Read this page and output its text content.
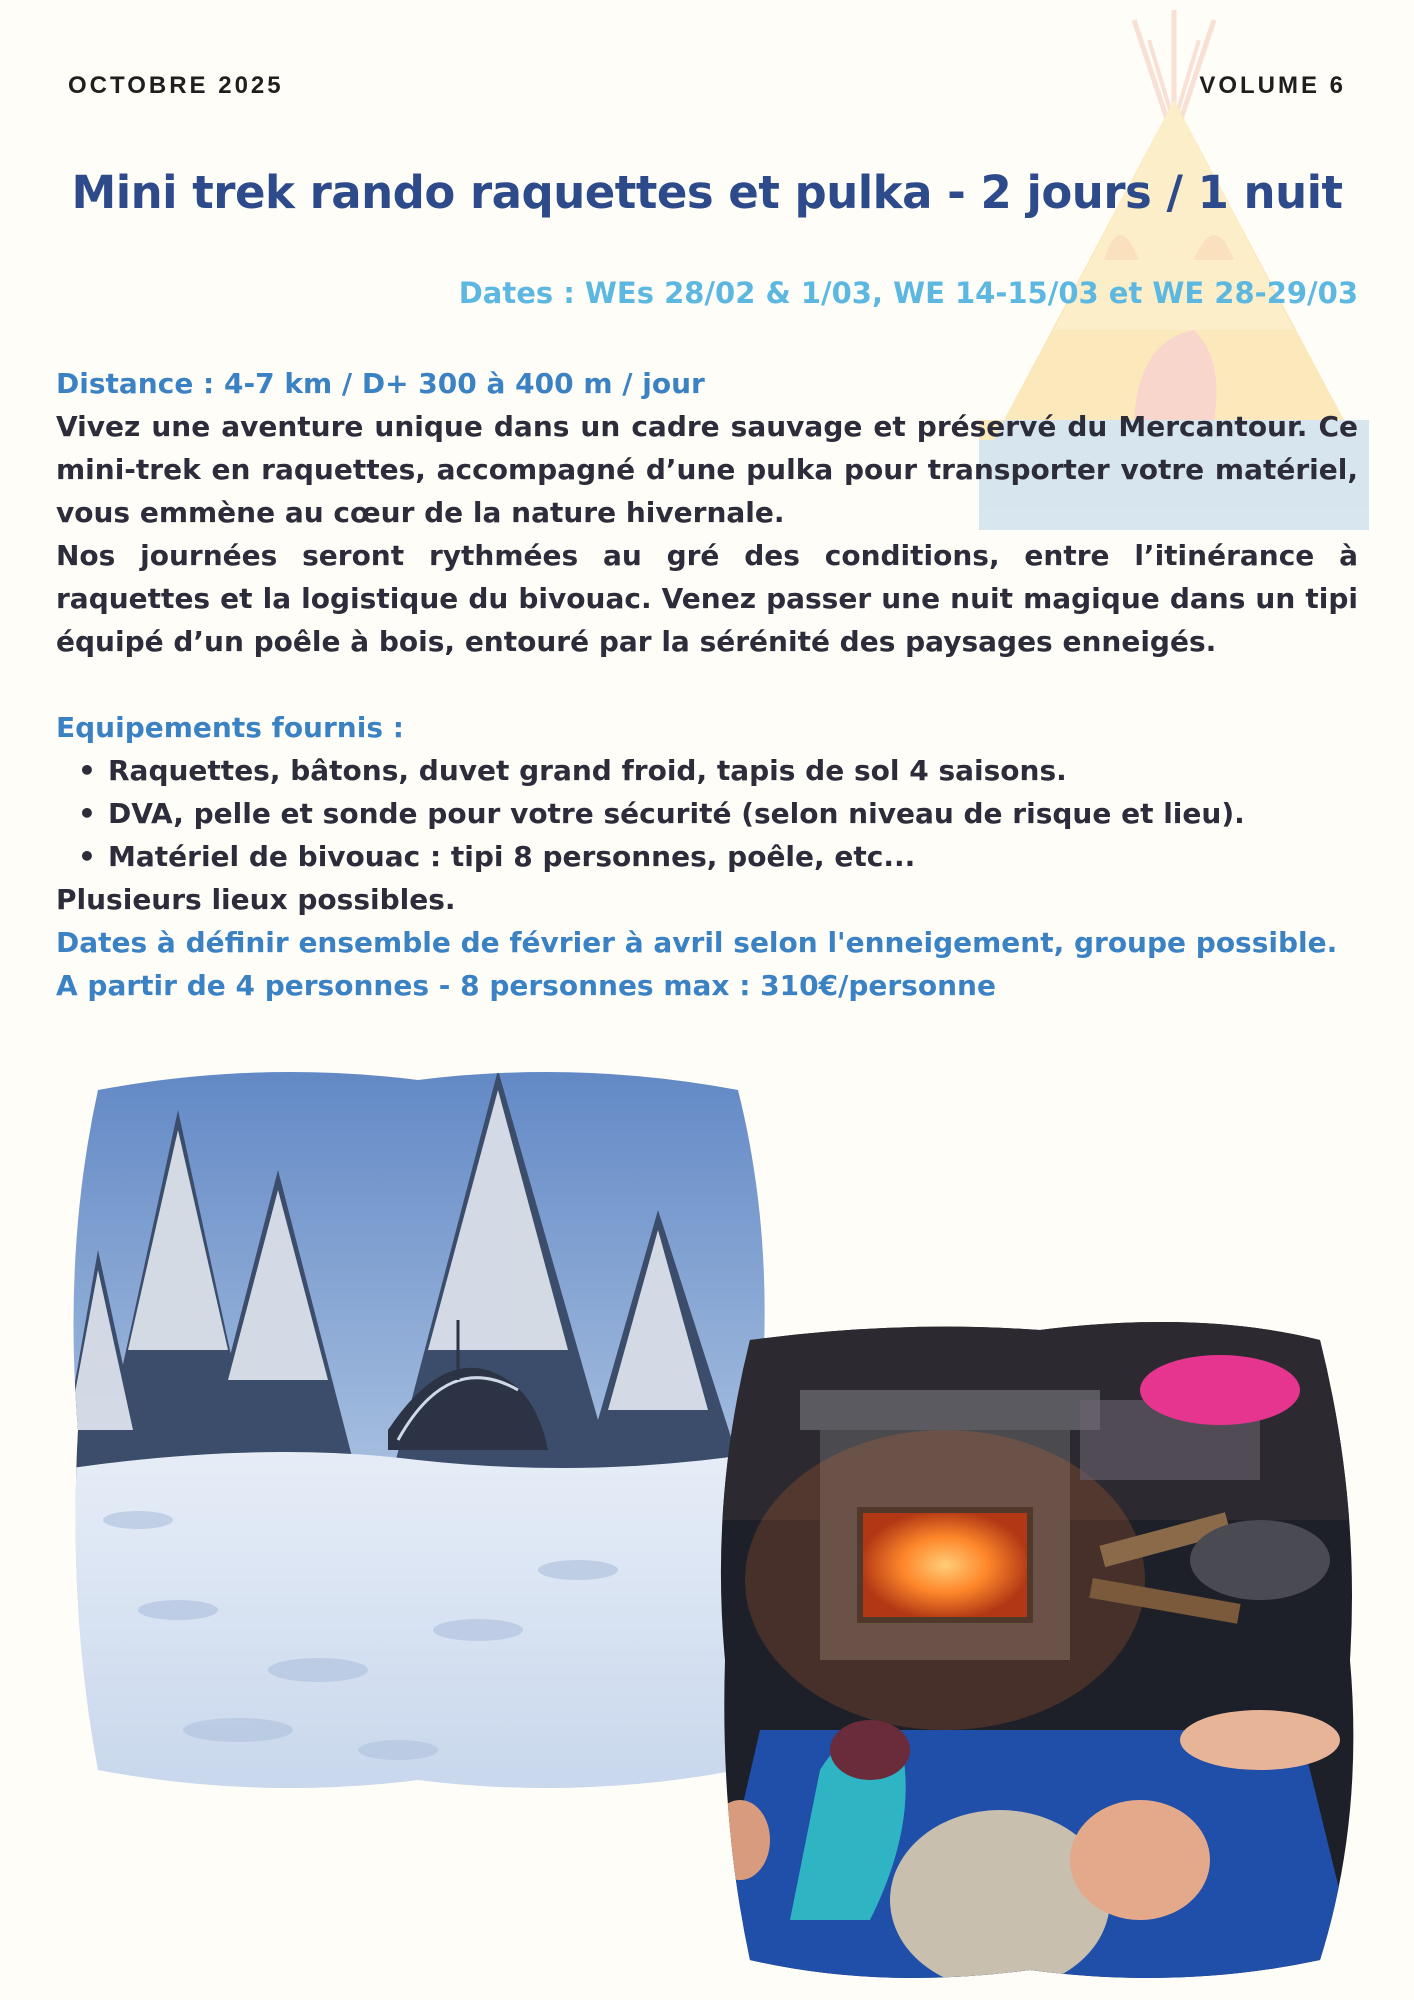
OCTOBRE 2025	VOLUME 6
Mini trek rando raquettes et pulka - 2 jours / 1 nuit
Dates : WEs 28/02 & 1/03, WE 14-15/03 et WE 28-29/03

Distance : 4-7 km / D+ 300 à 400 m / jour

Vivez une aventure unique dans un cadre sauvage et préservé du Mercantour. Ce mini-trek en raquettes, accompagné d’une pulka pour transporter votre matériel, vous emmène au cœur de la nature hivernale.

Nos journées seront rythmées au gré des conditions, entre l’itinérance à raquettes et la logistique du bivouac. Venez passer une nuit magique dans un tipi équipé d’un poêle à bois, entouré par la sérénité des paysages enneigés.

Equipements fournis :

• Raquettes, bâtons, duvet grand froid, tapis de sol 4 saisons.
• DVA, pelle et sonde pour votre sécurité (selon niveau de risque et lieu).
• Matériel de bivouac : tipi 8 personnes, poêle, etc...

Plusieurs lieux possibles.

Dates à définir ensemble de février à avril selon l'enneigement, groupe possible.

A partir de 4 personnes - 8 personnes max : 310€/personne
